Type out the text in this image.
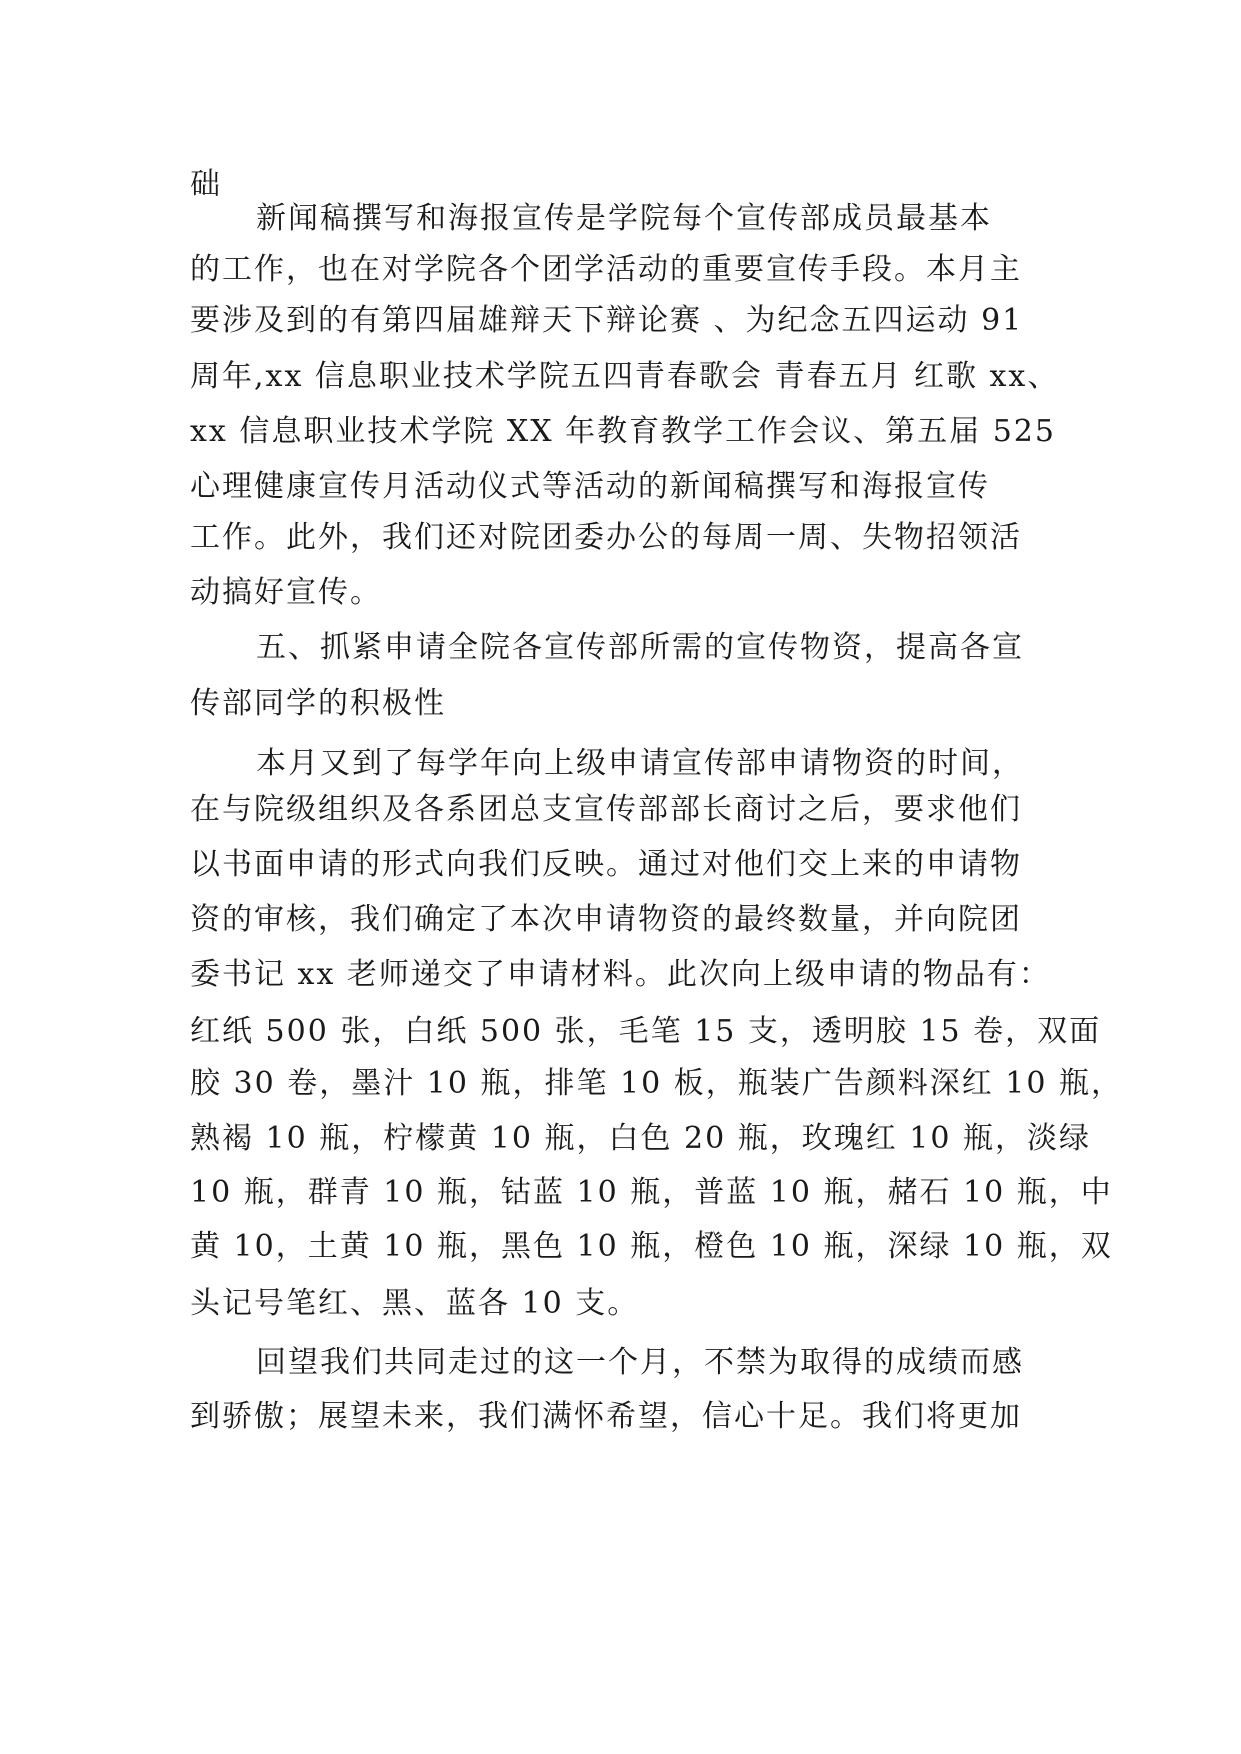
础
新闻稿撰写和海报宣传是学院每个宣传部成员最基本
的工作，也在对学院各个团学活动的重要宣传手段。本月主
要涉及到的有第四届雄辩天下辩论赛 、为纪念五四运动 91
周年,xx 信息职业技术学院五四青春歌会 青春五月 红歌 xx、
xx 信息职业技术学院 XX 年教育教学工作会议、第五届 525
心理健康宣传月活动仪式等活动的新闻稿撰写和海报宣传
工作。此外，我们还对院团委办公的每周一周、失物招领活
动搞好宣传。
五、抓紧申请全院各宣传部所需的宣传物资，提高各宣
传部同学的积极性
本月又到了每学年向上级申请宣传部申请物资的时间，
在与院级组织及各系团总支宣传部部长商讨之后，要求他们
以书面申请的形式向我们反映。通过对他们交上来的申请物
资的审核，我们确定了本次申请物资的最终数量，并向院团
委书记 xx 老师递交了申请材料。此次向上级申请的物品有：
红纸 500 张，白纸 500 张，毛笔 15 支，透明胶 15 卷，双面
胶 30 卷，墨汁 10 瓶，排笔 10 板，瓶装广告颜料深红 10 瓶，
熟褐 10 瓶，柠檬黄 10 瓶，白色 20 瓶，玫瑰红 10 瓶，淡绿
10 瓶，群青 10 瓶，钴蓝 10 瓶，普蓝 10 瓶，赭石 10 瓶，中
黄 10，土黄 10 瓶，黑色 10 瓶，橙色 10 瓶，深绿 10 瓶，双
头记号笔红、黑、蓝各 10 支。
回望我们共同走过的这一个月，不禁为取得的成绩而感
到骄傲；展望未来，我们满怀希望，信心十足。我们将更加
